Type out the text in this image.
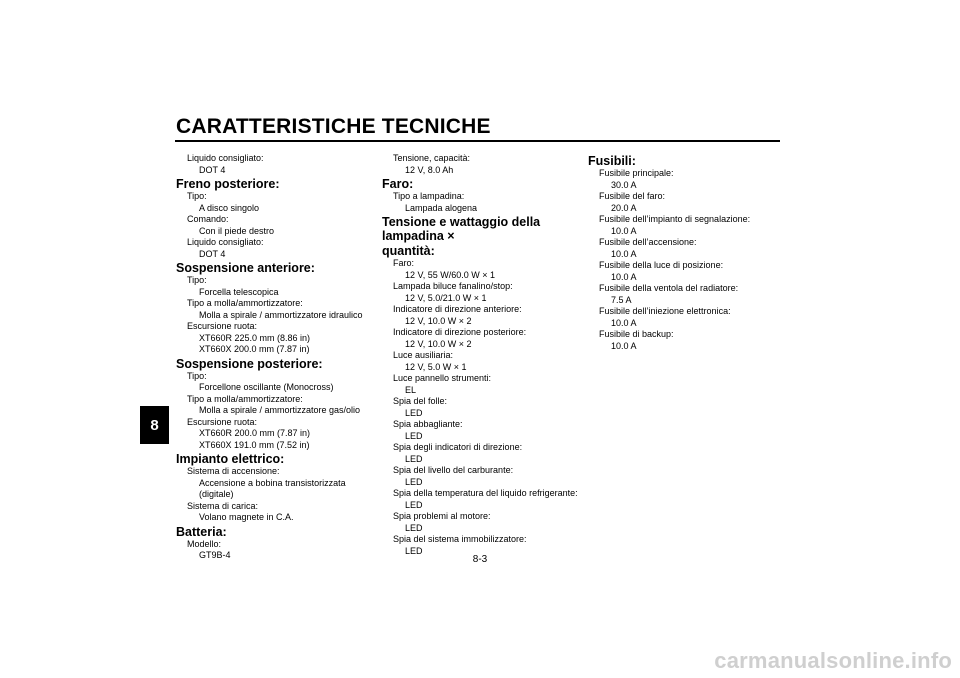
CARATTERISTICHE TECNICHE
8
Liquido consigliato:
DOT 4
Freno posteriore:
Tipo:
A disco singolo
Comando:
Con il piede destro
Liquido consigliato:
DOT 4
Sospensione anteriore:
Tipo:
Forcella telescopica
Tipo a molla/ammortizzatore:
Molla a spirale / ammortizzatore idraulico
Escursione ruota:
XT660R 225.0 mm (8.86 in)
XT660X 200.0 mm (7.87 in)
Sospensione posteriore:
Tipo:
Forcellone oscillante (Monocross)
Tipo a molla/ammortizzatore:
Molla a spirale / ammortizzatore gas/olio
Escursione ruota:
XT660R 200.0 mm (7.87 in)
XT660X 191.0 mm (7.52 in)
Impianto elettrico:
Sistema di accensione:
Accensione a bobina transistorizzata
(digitale)
Sistema di carica:
Volano magnete in C.A.
Batteria:
Modello:
GT9B-4
Tensione, capacità:
12 V, 8.0 Ah
Faro:
Tipo a lampadina:
Lampada alogena
Tensione e wattaggio della lampadina ×
quantità:
Faro:
12 V, 55 W/60.0 W × 1
Lampada biluce fanalino/stop:
12 V, 5.0/21.0 W × 1
Indicatore di direzione anteriore:
12 V, 10.0 W × 2
Indicatore di direzione posteriore:
12 V, 10.0 W × 2
Luce ausiliaria:
12 V, 5.0 W × 1
Luce pannello strumenti:
EL
Spia del folle:
LED
Spia abbagliante:
LED
Spia degli indicatori di direzione:
LED
Spia del livello del carburante:
LED
Spia della temperatura del liquido refrigerante:
LED
Spia problemi al motore:
LED
Spia del sistema immobilizzatore:
LED
Fusibili:
Fusibile principale:
30.0 A
Fusibile del faro:
20.0 A
Fusibile dell’impianto di segnalazione:
10.0 A
Fusibile dell’accensione:
10.0 A
Fusibile della luce di posizione:
10.0 A
Fusibile della ventola del radiatore:
7.5 A
Fusibile dell’iniezione elettronica:
10.0 A
Fusibile di backup:
10.0 A
8-3
carmanualsonline.info
